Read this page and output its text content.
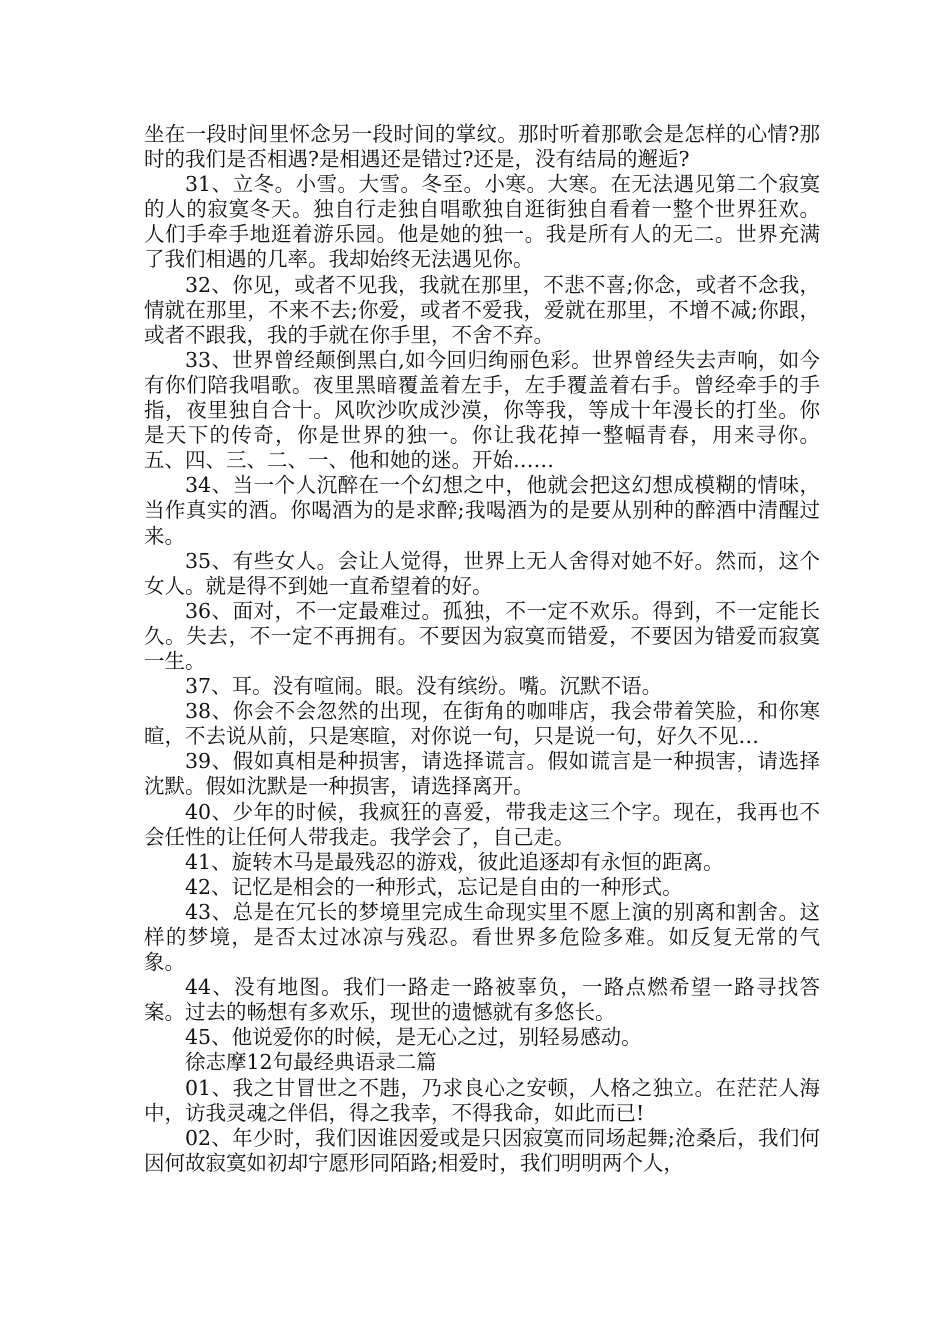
坐在一段时间里怀念另一段时间的掌纹。那时听着那歌会是怎样的心情?那时的我们是否相遇?是相遇还是错过?还是，没有结局的邂逅?

31、立冬。小雪。大雪。冬至。小寒。大寒。在无法遇见第二个寂寞的人的寂寞冬天。独自行走独自唱歌独自逛街独自看着一整个世界狂欢。人们手牵手地逛着游乐园。他是她的独一。我是所有人的无二。世界充满了我们相遇的几率。我却始终无法遇见你。

32、你见，或者不见我，我就在那里，不悲不喜;你念，或者不念我，情就在那里，不来不去;你爱，或者不爱我，爱就在那里，不增不减;你跟，或者不跟我，我的手就在你手里，不舍不弃。

33、世界曾经颠倒黑白,如今回归绚丽色彩。世界曾经失去声响，如今有你们陪我唱歌。夜里黑暗覆盖着左手，左手覆盖着右手。曾经牵手的手指，夜里独自合十。风吹沙吹成沙漠，你等我，等成十年漫长的打坐。你是天下的传奇，你是世界的独一。你让我花掉一整幅青春，用来寻你。五、四、三、二、一、他和她的迷。开始……

34、当一个人沉醉在一个幻想之中，他就会把这幻想成模糊的情味，当作真实的酒。你喝酒为的是求醉;我喝酒为的是要从别种的醉酒中清醒过来。

35、有些女人。会让人觉得，世界上无人舍得对她不好。然而，这个女人。就是得不到她一直希望着的好。

36、面对，不一定最难过。孤独，不一定不欢乐。得到，不一定能长久。失去，不一定不再拥有。不要因为寂寞而错爱，不要因为错爱而寂寞一生。

37、耳。没有喧闹。眼。没有缤纷。嘴。沉默不语。

38、你会不会忽然的出现，在街角的咖啡店，我会带着笑脸，和你寒暄，不去说从前，只是寒暄，对你说一句，只是说一句，好久不见…

39、假如真相是种损害，请选择谎言。假如谎言是一种损害，请选择沈默。假如沈默是一种损害，请选择离开。

40、少年的时候，我疯狂的喜爱，带我走这三个字。现在，我再也不会任性的让任何人带我走。我学会了，自己走。

41、旋转木马是最残忍的游戏，彼此追逐却有永恒的距离。

42、记忆是相会的一种形式，忘记是自由的一种形式。

43、总是在冗长的梦境里完成生命现实里不愿上演的别离和割舍。这样的梦境，是否太过冰凉与残忍。看世界多危险多难。如反复无常的气象。

44、没有地图。我们一路走一路被辜负，一路点燃希望一路寻找答案。过去的畅想有多欢乐，现世的遗憾就有多悠长。

45、他说爱你的时候，是无心之过，别轻易感动。

徐志摩12句最经典语录二篇

01、我之甘冒世之不韪，乃求良心之安顿，人格之独立。在茫茫人海中，访我灵魂之伴侣，得之我幸，不得我命，如此而已!

02、年少时，我们因谁因爱或是只因寂寞而同场起舞;沧桑后，我们何因何故寂寞如初却宁愿形同陌路;相爱时，我们明明两个人，
